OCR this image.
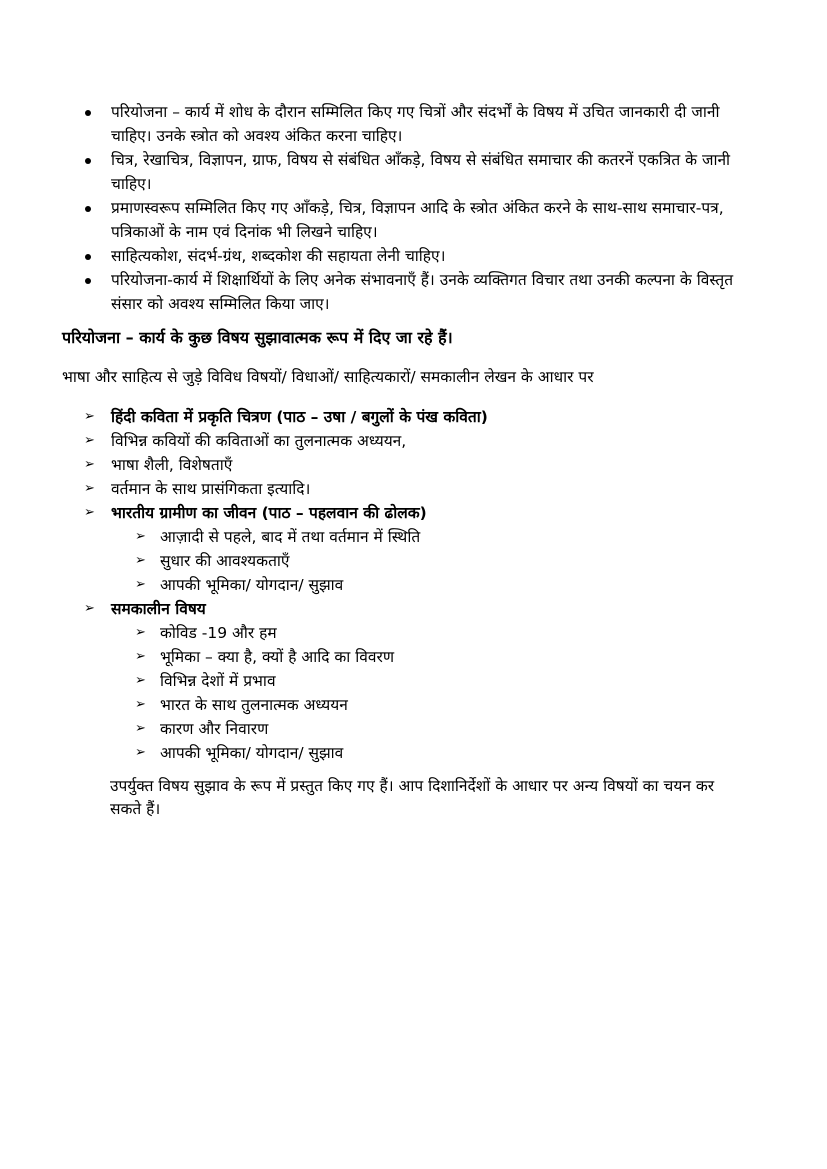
परियोजना – कार्य में शोध के दौरान सम्मिलित किए गए चित्रों और संदर्भों के विषय में उचित जानकारी दी जानी चाहिए। उनके स्त्रोत को अवश्य अंकित करना चाहिए।
चित्र, रेखाचित्र, विज्ञापन, ग्राफ, विषय से संबंधित आँकड़े, विषय से संबंधित समाचार की कतरनें एकत्रित के जानी चाहिए।
प्रमाणस्वरूप सम्मिलित किए गए आँकड़े, चित्र, विज्ञापन आदि के स्त्रोत अंकित करने के साथ-साथ समाचार-पत्र, पत्रिकाओं के नाम एवं दिनांक भी लिखने चाहिए।
साहित्यकोश, संदर्भ-ग्रंथ, शब्दकोश की सहायता लेनी चाहिए।
परियोजना-कार्य में शिक्षार्थियों के लिए अनेक संभावनाएँ हैं। उनके व्यक्तिगत विचार तथा उनकी कल्पना के विस्तृत संसार को अवश्य सम्मिलित किया जाए।
परियोजना – कार्य के कुछ विषय सुझावात्मक रूप में दिए जा रहे हैं।
भाषा और साहित्य से जुड़े विविध विषयों/ विधाओं/ साहित्यकारों/ समकालीन लेखन के आधार पर
➢ हिंदी कविता में प्रकृति चित्रण (पाठ – उषा / बगुलों के पंख कविता)
➢ विभिन्न कवियों की कविताओं का तुलनात्मक अध्ययन,
➢ भाषा शैली, विशेषताएँ
➢ वर्तमान के साथ प्रासंगिकता इत्यादि।
➢ भारतीय ग्रामीण का जीवन (पाठ – पहलवान की ढोलक)
➢ आज़ादी से पहले, बाद में तथा वर्तमान में स्थिति
➢ सुधार की आवश्यकताएँ
➢ आपकी भूमिका/ योगदान/ सुझाव
➢ समकालीन विषय
➢ कोविड -19 और हम
➢ भूमिका – क्या है, क्यों है आदि का विवरण
➢ विभिन्न देशों में प्रभाव
➢ भारत के साथ तुलनात्मक अध्ययन
➢ कारण और निवारण
➢ आपकी भूमिका/ योगदान/ सुझाव
उपर्युक्त विषय सुझाव के रूप में प्रस्तुत किए गए हैं। आप दिशानिर्देशों के आधार पर अन्य विषयों का चयन कर सकते हैं।
